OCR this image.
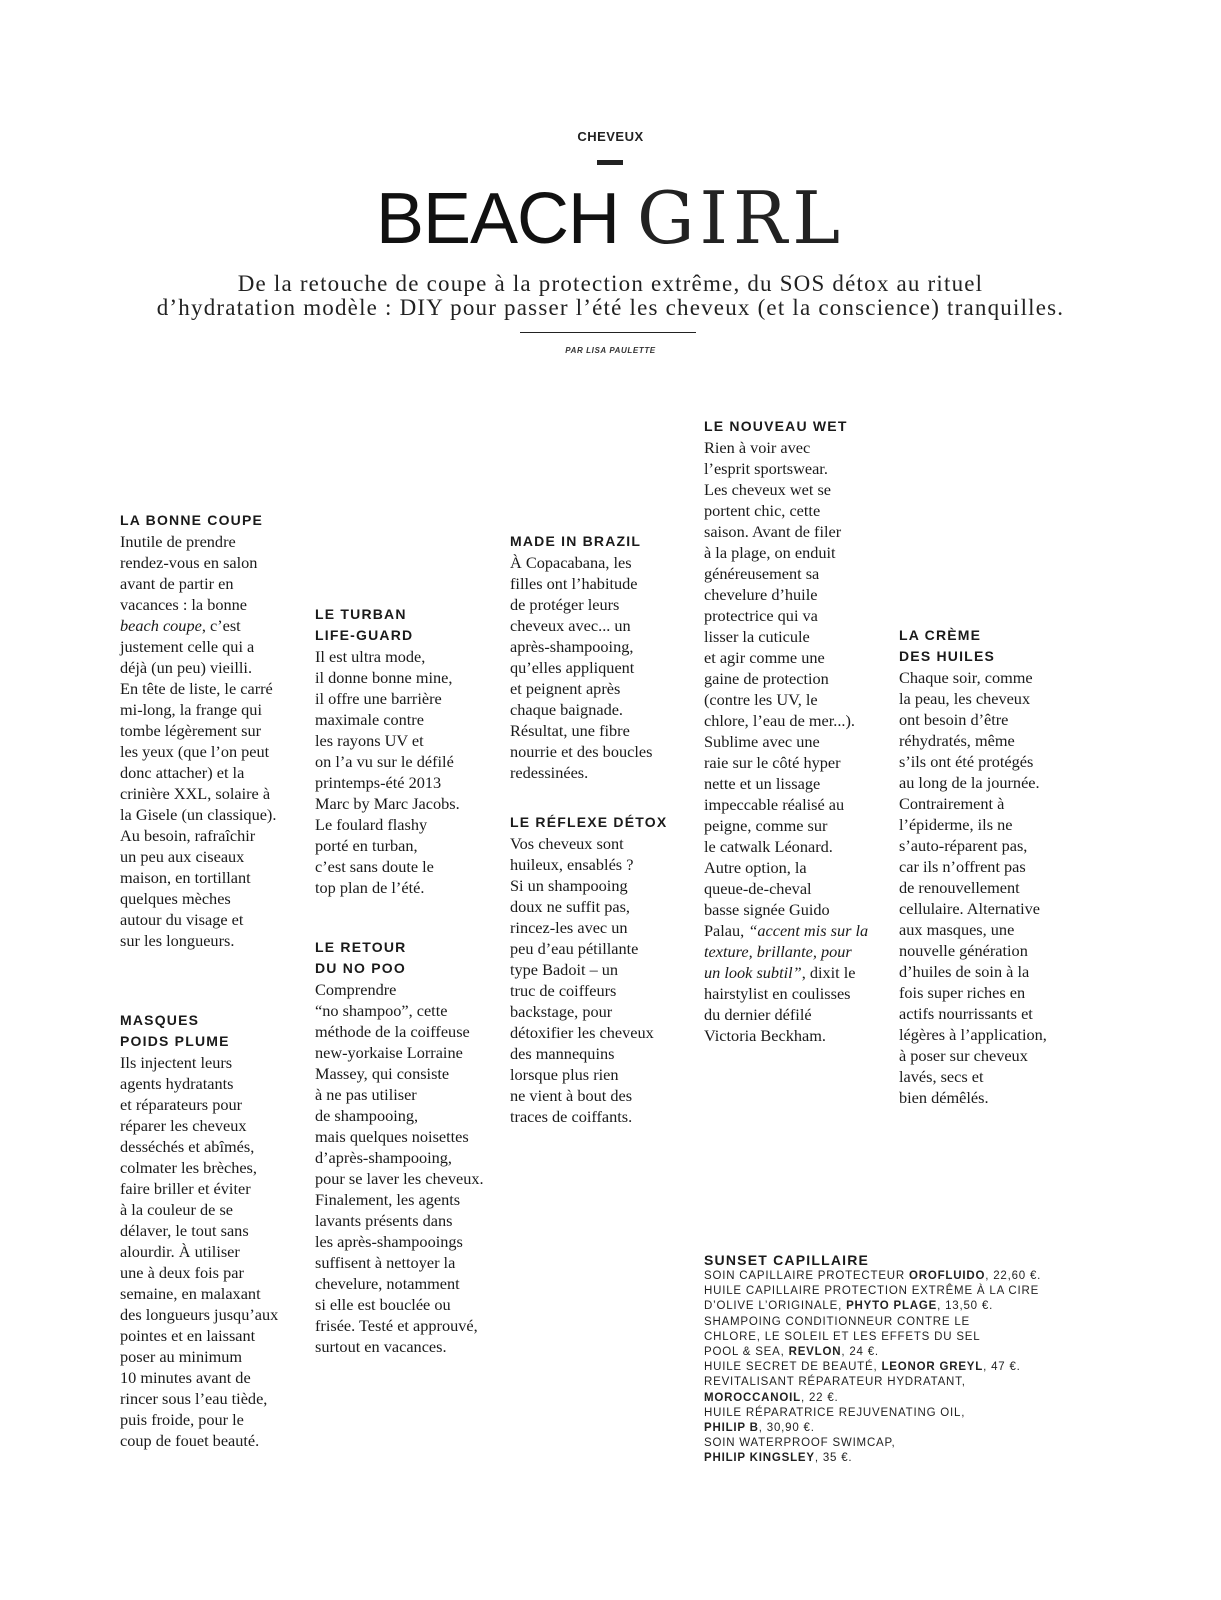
CHEVEUX
BEACH GIRL
De la retouche de coupe à la protection extrême, du SOS détox au rituel
d’hydratation modèle : DIY pour passer l’été les cheveux (et la conscience) tranquilles.
PAR LISA PAULETTE
LA BONNE COUPE
Inutile de prendre
rendez-vous en salon
avant de partir en
vacances : la bonne
beach coupe, c’est
justement celle qui a
déjà (un peu) vieilli.
En tête de liste, le carré
mi-long, la frange qui
tombe légèrement sur
les yeux (que l’on peut
donc attacher) et la
crinière XXL, solaire à
la Gisele (un classique).
Au besoin, rafraîchir
un peu aux ciseaux
maison, en tortillant
quelques mèches
autour du visage et
sur les longueurs.
MASQUES
POIDS PLUME
Ils injectent leurs
agents hydratants
et réparateurs pour
réparer les cheveux
desséchés et abîmés,
colmater les brèches,
faire briller et éviter
à la couleur de se
délaver, le tout sans
alourdir. À utiliser
une à deux fois par
semaine, en malaxant
des longueurs jusqu’aux
pointes et en laissant
poser au minimum
10 minutes avant de
rincer sous l’eau tiède,
puis froide, pour le
coup de fouet beauté.
LE TURBAN
LIFE-GUARD
Il est ultra mode,
il donne bonne mine,
il offre une barrière
maximale contre
les rayons UV et
on l’a vu sur le défilé
printemps-été 2013
Marc by Marc Jacobs.
Le foulard flashy
porté en turban,
c’est sans doute le
top plan de l’été.
LE RETOUR
DU NO POO
Comprendre
“no shampoo”, cette
méthode de la coiffeuse
new-yorkaise Lorraine
Massey, qui consiste
à ne pas utiliser
de shampooing,
mais quelques noisettes
d’après-shampooing,
pour se laver les cheveux.
Finalement, les agents
lavants présents dans
les après-shampooings
suffisent à nettoyer la
chevelure, notamment
si elle est bouclée ou
frisée. Testé et approuvé,
surtout en vacances.
MADE IN BRAZIL
À Copacabana, les
filles ont l’habitude
de protéger leurs
cheveux avec... un
après-shampooing,
qu’elles appliquent
et peignent après
chaque baignade.
Résultat, une fibre
nourrie et des boucles
redessinées.
LE RÉFLEXE DÉTOX
Vos cheveux sont
huileux, ensablés ?
Si un shampooing
doux ne suffit pas,
rincez-les avec un
peu d’eau pétillante
type Badoit – un
truc de coiffeurs
backstage, pour
détoxifier les cheveux
des mannequins
lorsque plus rien
ne vient à bout des
traces de coiffants.
LE NOUVEAU WET
Rien à voir avec
l’esprit sportswear.
Les cheveux wet se
portent chic, cette
saison. Avant de filer
à la plage, on enduit
généreusement sa
chevelure d’huile
protectrice qui va
lisser la cuticule
et agir comme une
gaine de protection
(contre les UV, le
chlore, l’eau de mer...).
Sublime avec une
raie sur le côté hyper
nette et un lissage
impeccable réalisé au
peigne, comme sur
le catwalk Léonard.
Autre option, la
queue-de-cheval
basse signée Guido
Palau, “accent mis sur la
texture, brillante, pour
un look subtil”, dixit le
hairstylist en coulisses
du dernier défilé
Victoria Beckham.
LA CRÈME
DES HUILES
Chaque soir, comme
la peau, les cheveux
ont besoin d’être
réhydratés, même
s’ils ont été protégés
au long de la journée.
Contrairement à
l’épiderme, ils ne
s’auto-réparent pas,
car ils n’offrent pas
de renouvellement
cellulaire. Alternative
aux masques, une
nouvelle génération
d’huiles de soin à la
fois super riches en
actifs nourrissants et
légères à l’application,
à poser sur cheveux
lavés, secs et
bien démêlés.
SUNSET CAPILLAIRE
SOIN CAPILLAIRE PROTECTEUR OROFLUIDO, 22,60 €.
HUILE CAPILLAIRE PROTECTION EXTRÊME À LA CIRE
D’OLIVE L’ORIGINALE, PHYTO PLAGE, 13,50 €.
SHAMPOING CONDITIONNEUR CONTRE LE
CHLORE, LE SOLEIL ET LES EFFETS DU SEL
POOL & SEA, REVLON, 24 €.
HUILE SECRET DE BEAUTÉ, LEONOR GREYL, 47 €.
REVITALISANT RÉPARATEUR HYDRATANT,
MOROCCANOIL, 22 €.
HUILE RÉPARATRICE REJUVENATING OIL,
PHILIP B, 30,90 €.
SOIN WATERPROOF SWIMCAP,
PHILIP KINGSLEY, 35 €.
